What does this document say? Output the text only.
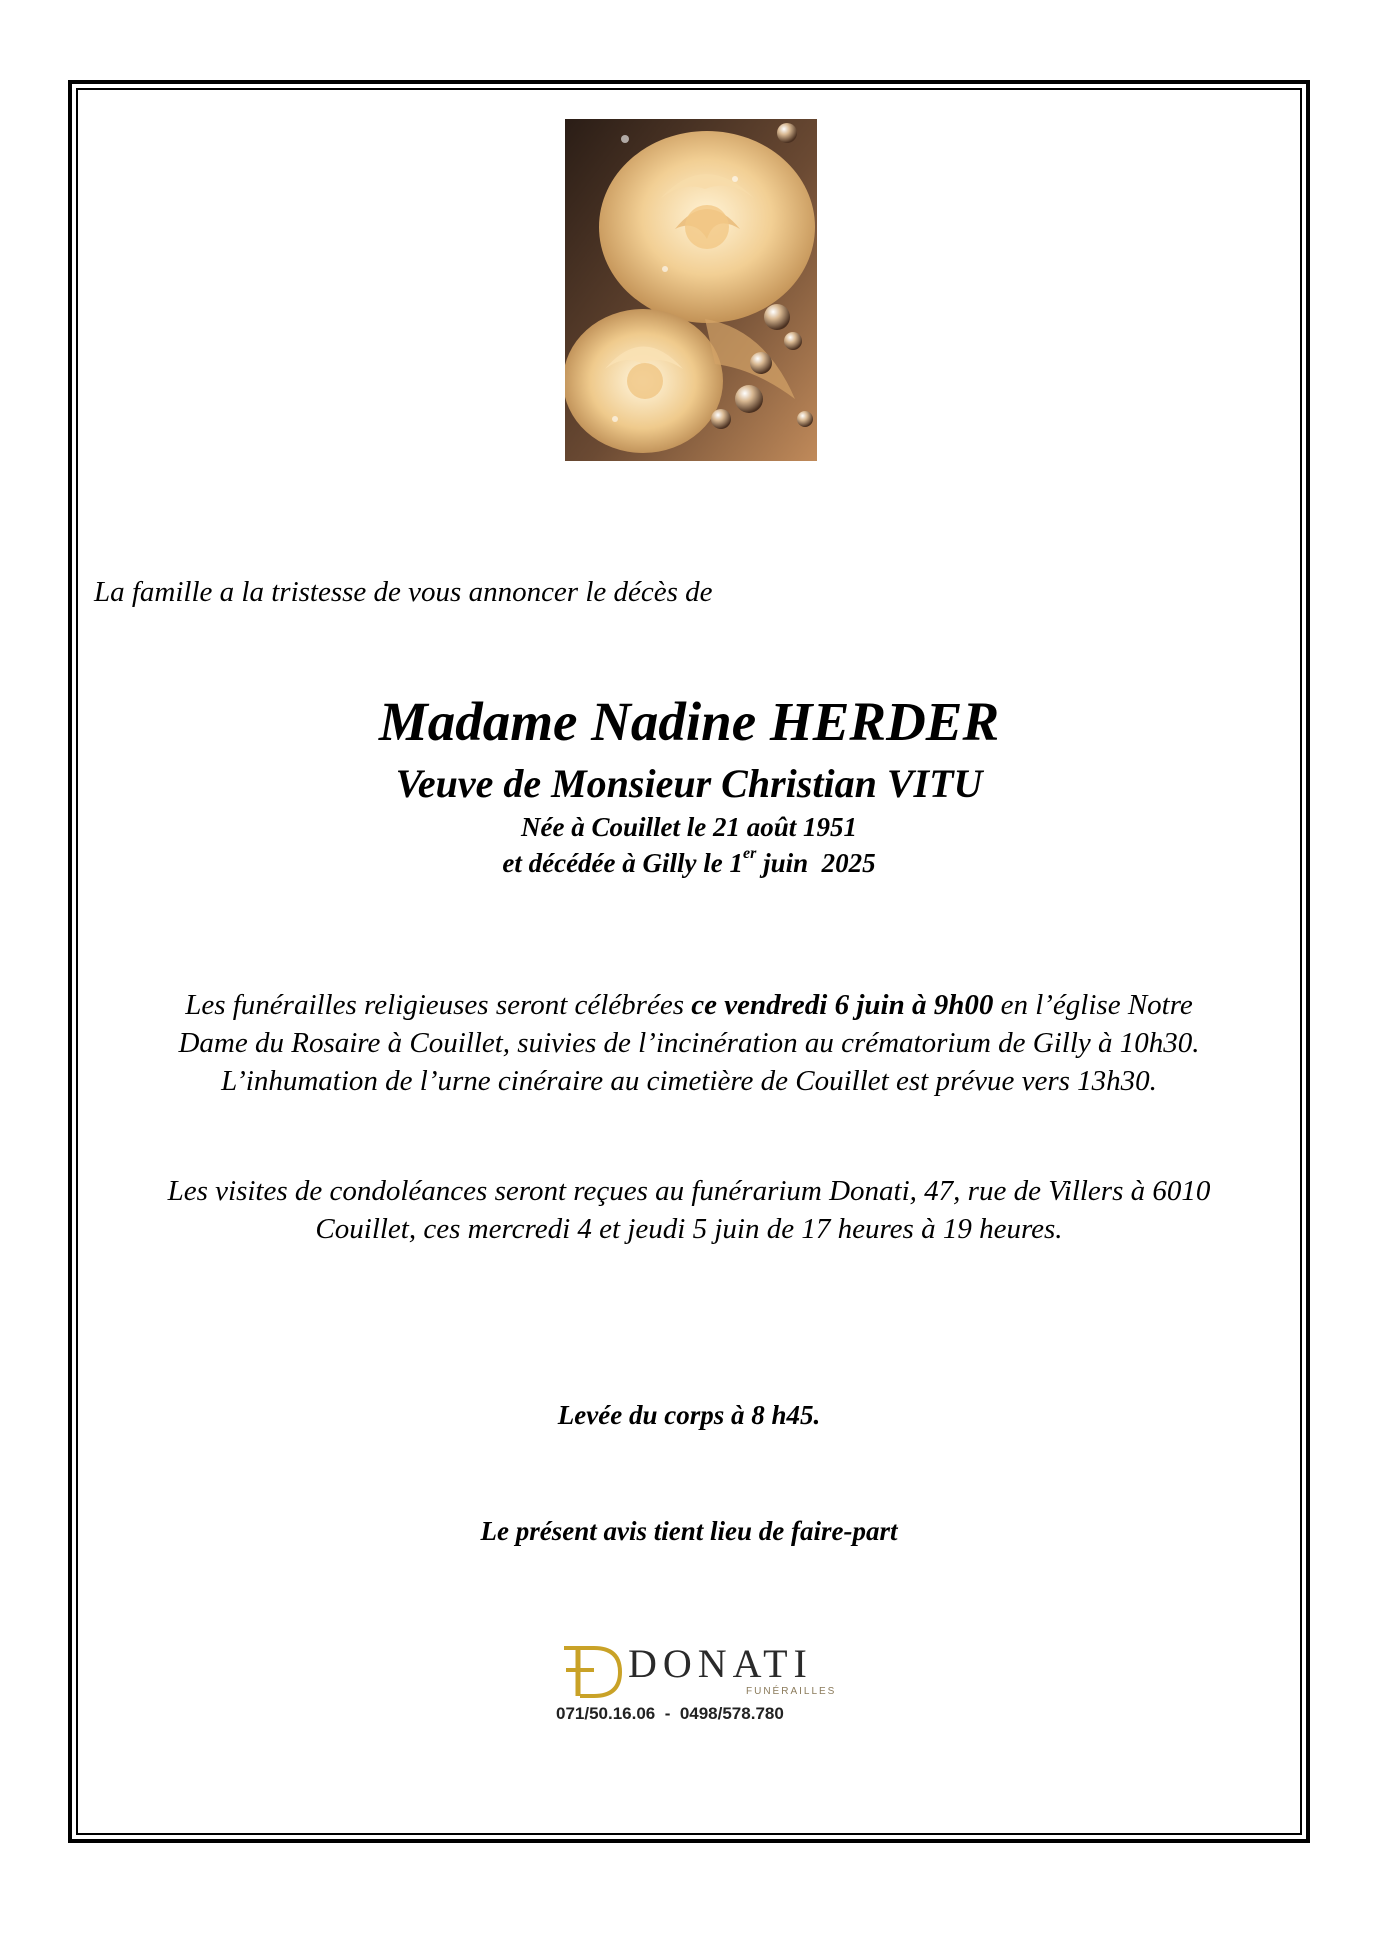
La famille a la tristesse de vous annoncer le décès de
Madame Nadine HERDER
Veuve de Monsieur Christian VITU
Née à Couillet le 21 août 1951
et décédée à Gilly le 1er juin  2025
Les funérailles religieuses seront célébrées ce vendredi 6 juin à 9h00 en l’église Notre Dame du Rosaire à Couillet, suivies de l’incinération au crématorium de Gilly à 10h30.
L’inhumation de l’urne cinéraire au cimetière de Couillet est prévue vers 13h30.
Les visites de condoléances seront reçues au funérarium Donati, 47, rue de Villers à 6010
Couillet, ces mercredi 4 et jeudi 5 juin de 17 heures à 19 heures.
Levée du corps à 8 h45.
Le présent avis tient lieu de faire-part
DONATI
FUNÉRAILLES
071/50.16.06  -  0498/578.780
